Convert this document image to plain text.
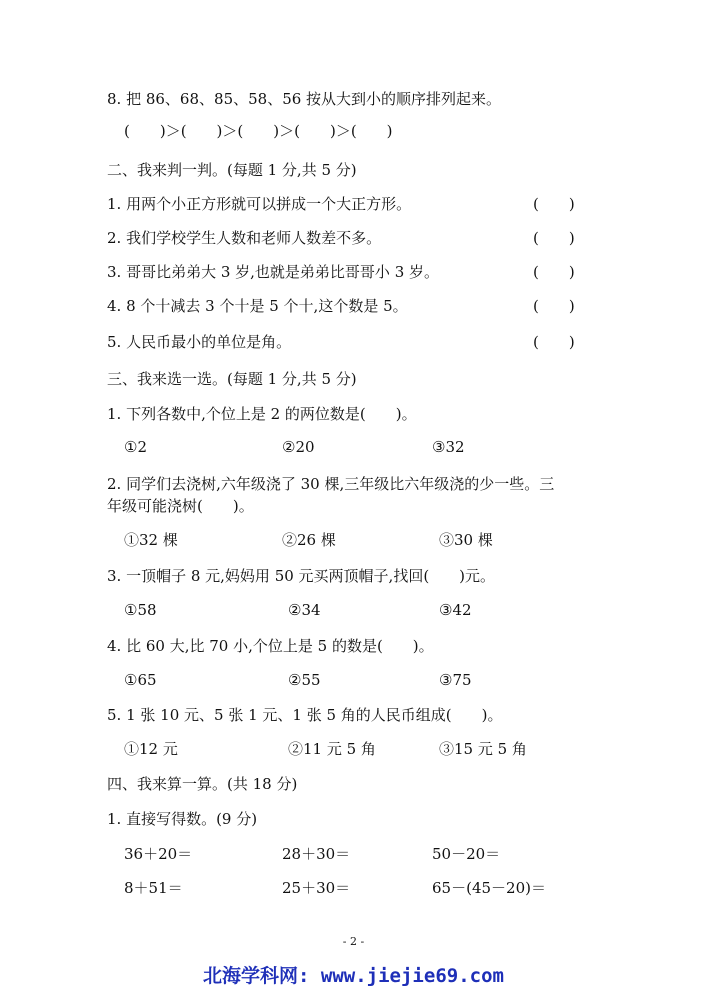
8. 把 86、68、85、58、56 按从大到小的顺序排列起来。
(　　)＞(　　)＞(　　)＞(　　)＞(　　)
二、我来判一判。(每题 1 分,共 5 分)
1. 用两个小正方形就可以拼成一个大正方形。	(　　)
2. 我们学校学生人数和老师人数差不多。	(　　)
3. 哥哥比弟弟大 3 岁,也就是弟弟比哥哥小 3 岁。	(　　)
4. 8 个十减去 3 个十是 5 个十,这个数是 5。	(　　)
5. 人民币最小的单位是角。	(　　)
三、我来选一选。(每题 1 分,共 5 分)
1. 下列各数中,个位上是 2 的两位数是(　　)。
①2	②20	③32
2. 同学们去浇树,六年级浇了 30 棵,三年级比六年级浇的少一些。三
年级可能浇树(　　)。
①32 棵	②26 棵	③30 棵
3. 一顶帽子 8 元,妈妈用 50 元买两顶帽子,找回(　　)元。
①58	②34	③42
4. 比 60 大,比 70 小,个位上是 5 的数是(　　)。
①65	②55	③75
5. 1 张 10 元、5 张 1 元、1 张 5 角的人民币组成(　　)。
①12 元	②11 元 5 角	③15 元 5 角
四、我来算一算。(共 18 分)
1. 直接写得数。(9 分)
36＋20＝	28＋30＝	50－20＝
8＋51＝	25＋30＝	65－(45－20)＝
- 2 -
北海学科网: www.jiejie69.com
